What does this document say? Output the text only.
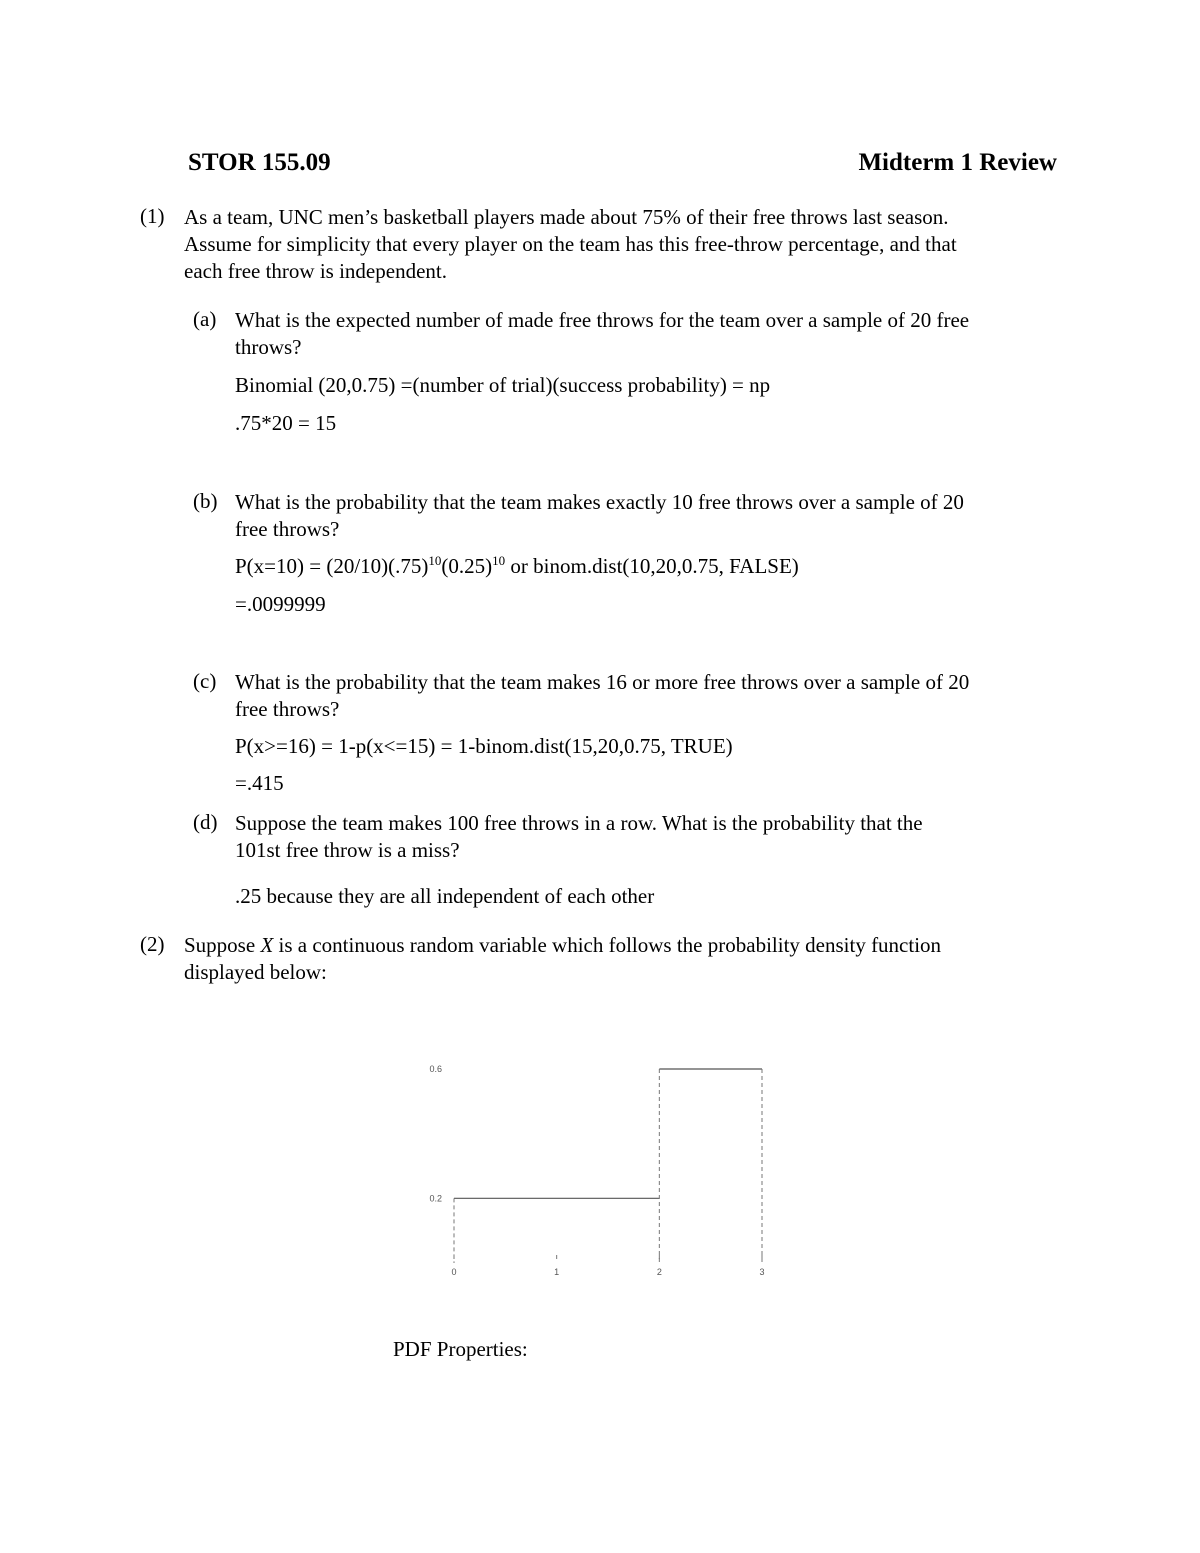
STOR 155.09	Midterm 1 Review
(1) As a team, UNC men’s basketball players made about 75% of their free throws last season.
Assume for simplicity that every player on the team has this free-throw percentage, and that
each free throw is independent.
(a) What is the expected number of made free throws for the team over a sample of 20 free
throws?
Binomial (20,0.75) =(number of trial)(success probability) = np
.75*20 = 15
(b) What is the probability that the team makes exactly 10 free throws over a sample of 20
free throws?
$P(x=10) = (20/10)(.75)^{10}(0.25)^{10}$ or binom.dist(10,20,0.75, FALSE)
=.0099999
(c) What is the probability that the team makes 16 or more free throws over a sample of 20
free throws?
P(x>=16) = 1-p(x<=15) = 1-binom.dist(15,20,0.75, TRUE)
=.415
(d) Suppose the team makes 100 free throws in a row. What is the probability that the
101st free throw is a miss?
.25 because they are all independent of each other
(2) Suppose X is a continuous random variable which follows the probability density function
displayed below:
0	1	2	3
0.2
0.6
PDF Properties:
